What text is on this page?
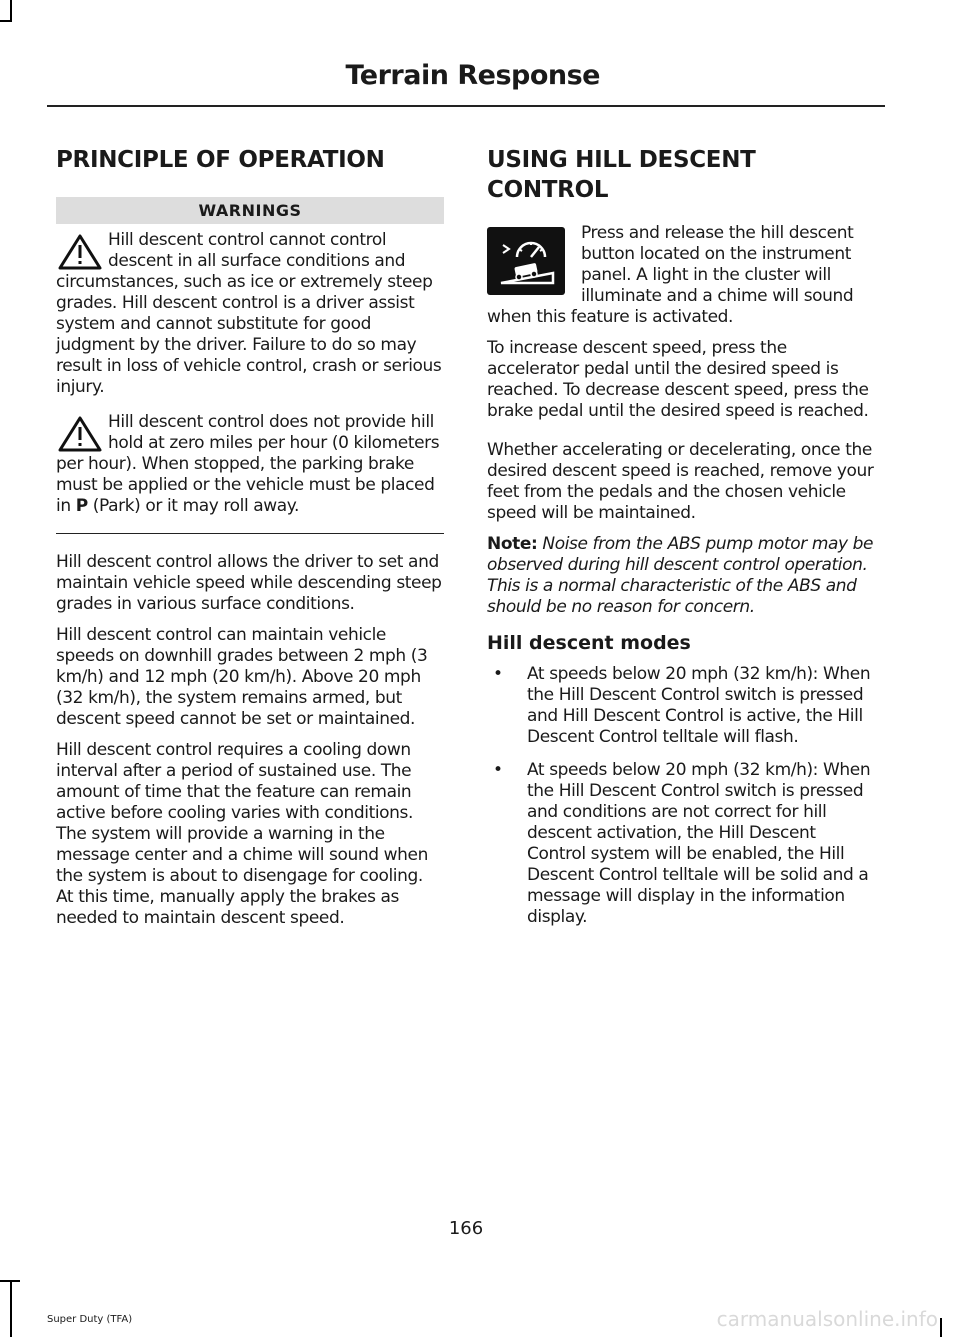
Terrain Response
PRINCIPLE OF OPERATION
WARNINGS

Hill descent control cannot control descent in all surface conditions and circumstances, such as ice or extremely steep grades. Hill descent control is a driver assist system and cannot substitute for good judgment by the driver. Failure to do so may result in loss of vehicle control, crash or serious injury.

Hill descent control does not provide hill hold at zero miles per hour (0 kilometers per hour). When stopped, the parking brake must be applied or the vehicle must be placed in P (Park) or it may roll away.

Hill descent control allows the driver to set and maintain vehicle speed while descending steep grades in various surface conditions.

Hill descent control can maintain vehicle speeds on downhill grades between 2 mph (3 km/h) and 12 mph (20 km/h). Above 20 mph (32 km/h), the system remains armed, but descent speed cannot be set or maintained.

Hill descent control requires a cooling down interval after a period of sustained use. The amount of time that the feature can remain active before cooling varies with conditions. The system will provide a warning in the message center and a chime will sound when the system is about to disengage for cooling. At this time, manually apply the brakes as needed to maintain descent speed.

USING HILL DESCENT CONTROL

Press and release the hill descent button located on the instrument panel. A light in the cluster will illuminate and a chime will sound when this feature is activated.

To increase descent speed, press the accelerator pedal until the desired speed is reached. To decrease descent speed, press the brake pedal until the desired speed is reached.

Whether accelerating or decelerating, once the desired descent speed is reached, remove your feet from the pedals and the chosen vehicle speed will be maintained.

Note: Noise from the ABS pump motor may be observed during hill descent control operation. This is a normal characteristic of the ABS and should be no reason for concern.

Hill descent modes
•	At speeds below 20 mph (32 km/h): When the Hill Descent Control switch is pressed and Hill Descent Control is active, the Hill Descent Control telltale will flash.
•	At speeds below 20 mph (32 km/h): When the Hill Descent Control switch is pressed and conditions are not correct for hill descent activation, the Hill Descent Control system will be enabled, the Hill Descent Control telltale will be solid and a message will display in the information display.
166
Super Duty (TFA)	carmanualsonline.info
